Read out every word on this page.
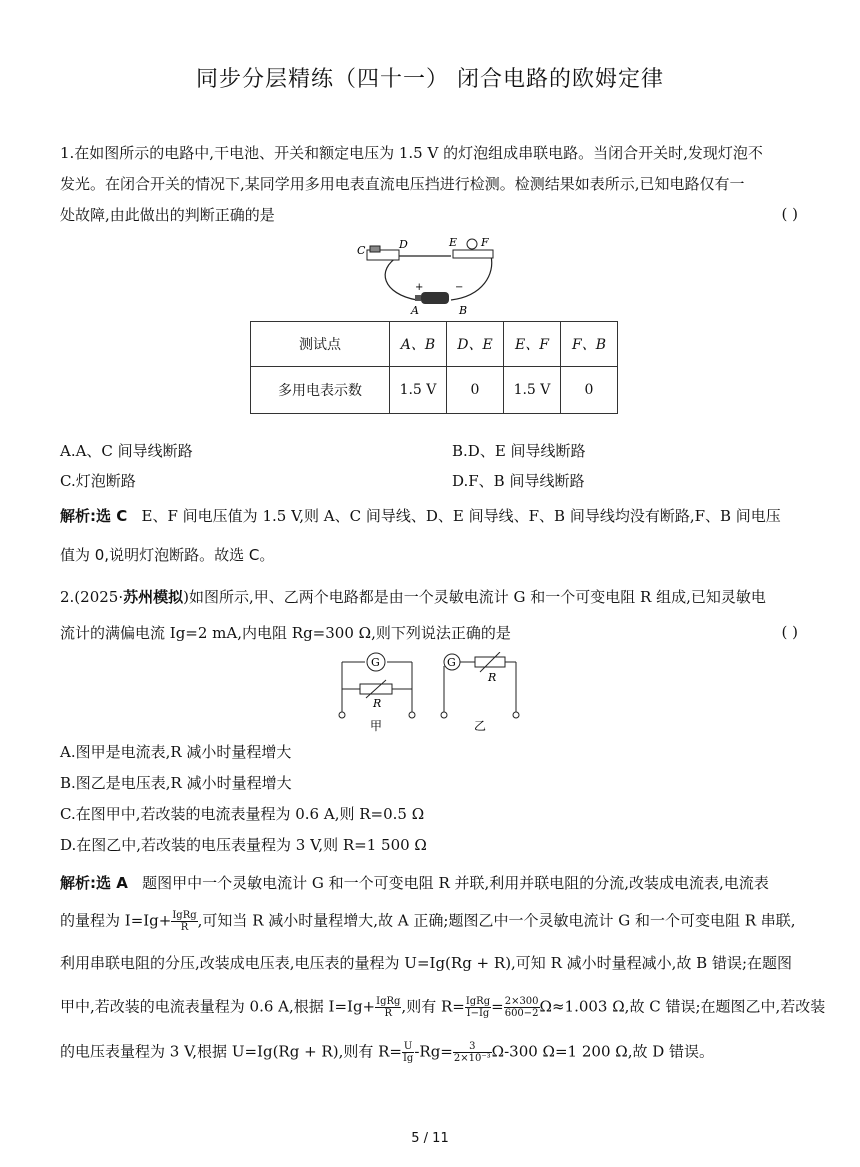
同步分层精练（四十一） 闭合电路的欧姆定律
1.在如图所示的电路中,干电池、开关和额定电压为 1.5 V 的灯泡组成串联电路。当闭合开关时,发现灯泡不
发光。在闭合开关的情况下,某同学用多用电表直流电压挡进行检测。检测结果如表所示,已知电路仅有一
处故障,由此做出的判断正确的是	( )
C	D	E F
+	−
A	B
测试点	A、B	D、E	E、F	F、B
多用电表示数	1.5 V	0	1.5 V	0
A.A、C 间导线断路	B.D、E 间导线断路
C.灯泡断路	D.F、B 间导线断路
解析:选 C E、F 间电压值为 1.5 V,则 A、C 间导线、D、E 间导线、F、B 间导线均没有断路,F、B 间电压
值为 0,说明灯泡断路。故选 C。
2.(2025·苏州模拟)如图所示,甲、乙两个电路都是由一个灵敏电流计 G 和一个可变电阻 R 组成,已知灵敏电
流计的满偏电流 Ig=2 mA,内电阻 Rg=300 Ω,则下列说法正确的是	( )
G
R
甲
G
R
乙
A.图甲是电流表,R 减小时量程增大
B.图乙是电压表,R 减小时量程增大
C.在图甲中,若改装的电流表量程为 0.6 A,则 R=0.5 Ω
D.在图乙中,若改装的电压表量程为 3 V,则 R=1 500 Ω
解析:选 A 题图甲中一个灵敏电流计 G 和一个可变电阻 R 并联,利用并联电阻的分流,改装成电流表,电流表
的量程为 $I=Ig+ \frac{\text{IgRg}}{R}$ ,可知当 R 减小时量程增大,故 A 正确;题图乙中一个灵敏电流计 G 和一个可变电阻 R 串联,
利用串联电阻的分压,改装成电压表,电压表的量程为 U=Ig(Rg + R),可知 R 减小时量程减小,故 B 错误;在题图
甲中,若改装的电流表量程为 0.6 A,根据 $I=Ig+ \frac{\text{IgRg}}{R}$ ,则有 $R= \frac{\text{IgRg}}{I-Ig} = \frac{2\times 300}{600-2} \Omega\approx 1.003$ Ω,故 C 错误;在题图乙中,若改装
的电压表量程为 3 V,根据 U=Ig(Rg + R),则有 $R= \frac{U}{Ig} -Rg= \frac{3}{\text{2×10⁻³}} \Omega-300$ Ω=1 200 Ω,故 D 错误。
5 / 11
